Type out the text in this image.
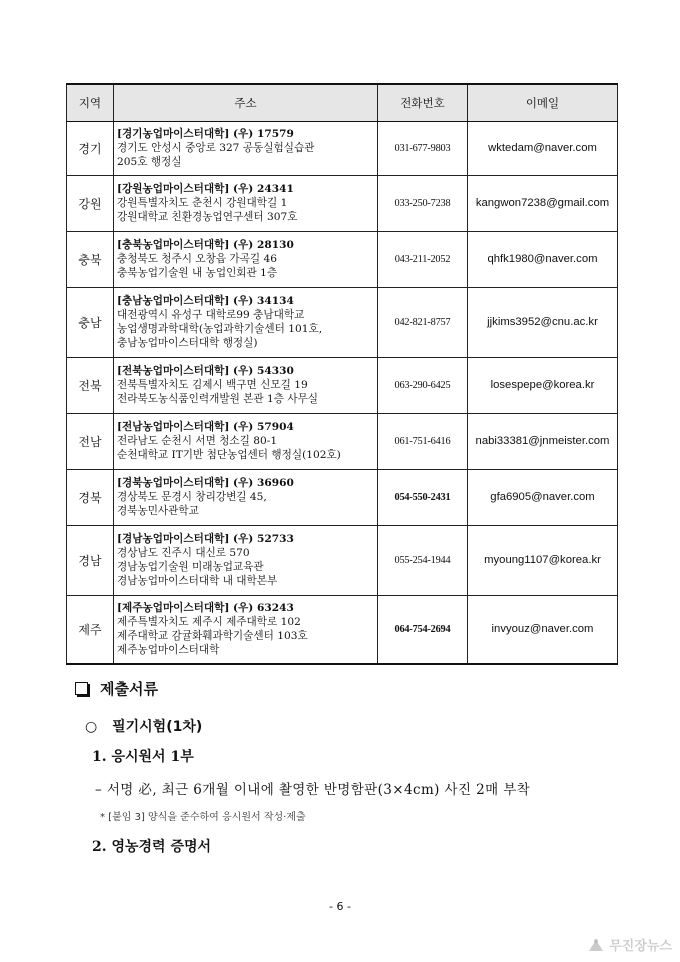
지역	주소	전화번호	이메일
경기	[경기농업마이스터대학] (우) 17579
경기도 안성시 중앙로 327 공동실험실습관
205호 행정실	031-677-9803	wktedam@naver.com
강원	[강원농업마이스터대학] (우) 24341
강원특별자치도 춘천시 강원대학길 1
강원대학교 친환경농업연구센터 307호	033-250-7238	kangwon7238@gmail.com
충북	[충북농업마이스터대학] (우) 28130
충청북도 청주시 오창읍 가곡길 46
충북농업기술원 내 농업인회관 1층	043-211-2052	qhfk1980@naver.com
충남	[충남농업마이스터대학] (우) 34134
대전광역시 유성구 대학로99 충남대학교
농업생명과학대학(농업과학기술센터 101호,
충남농업마이스터대학 행정실)	042-821-8757	jjkims3952@cnu.ac.kr
전북	[전북농업마이스터대학] (우) 54330
전북특별자치도 김제시 백구면 신모길 19
전라북도농식품인력개발원 본관 1층 사무실	063-290-6425	losespepe@korea.kr
전남	[전남농업마이스터대학] (우) 57904
전라남도 순천시 서면 청소길 80-1
순천대학교 IT기반 첨단농업센터 행정실(102호)	061-751-6416	nabi33381@jnmeister.com
경북	[경북농업마이스터대학] (우) 36960
경상북도 문경시 창리강변길 45,
경북농민사관학교	054-550-2431	gfa6905@naver.com
경남	[경남농업마이스터대학] (우) 52733
경상남도 진주시 대신로 570
경남농업기술원 미래농업교육관
경남농업마이스터대학 내 대학본부	055-254-1944	myoung1107@korea.kr
제주	[제주농업마이스터대학] (우) 63243
제주특별자치도 제주시 제주대학로 102
제주대학교 감귤화훼과학기술센터 103호
제주농업마이스터대학	064-754-2694	invyouz@naver.com
제출서류
○ 필기시험(1차)
1. 응시원서 1부
– 서명 必, 최근 6개월 이내에 촬영한 반명함판(3×4cm) 사진 2매 부착
* [붙임 3] 양식을 준수하여 응시원서 작성·제출
2. 영농경력 증명서
- 6 -
무진장뉴스
